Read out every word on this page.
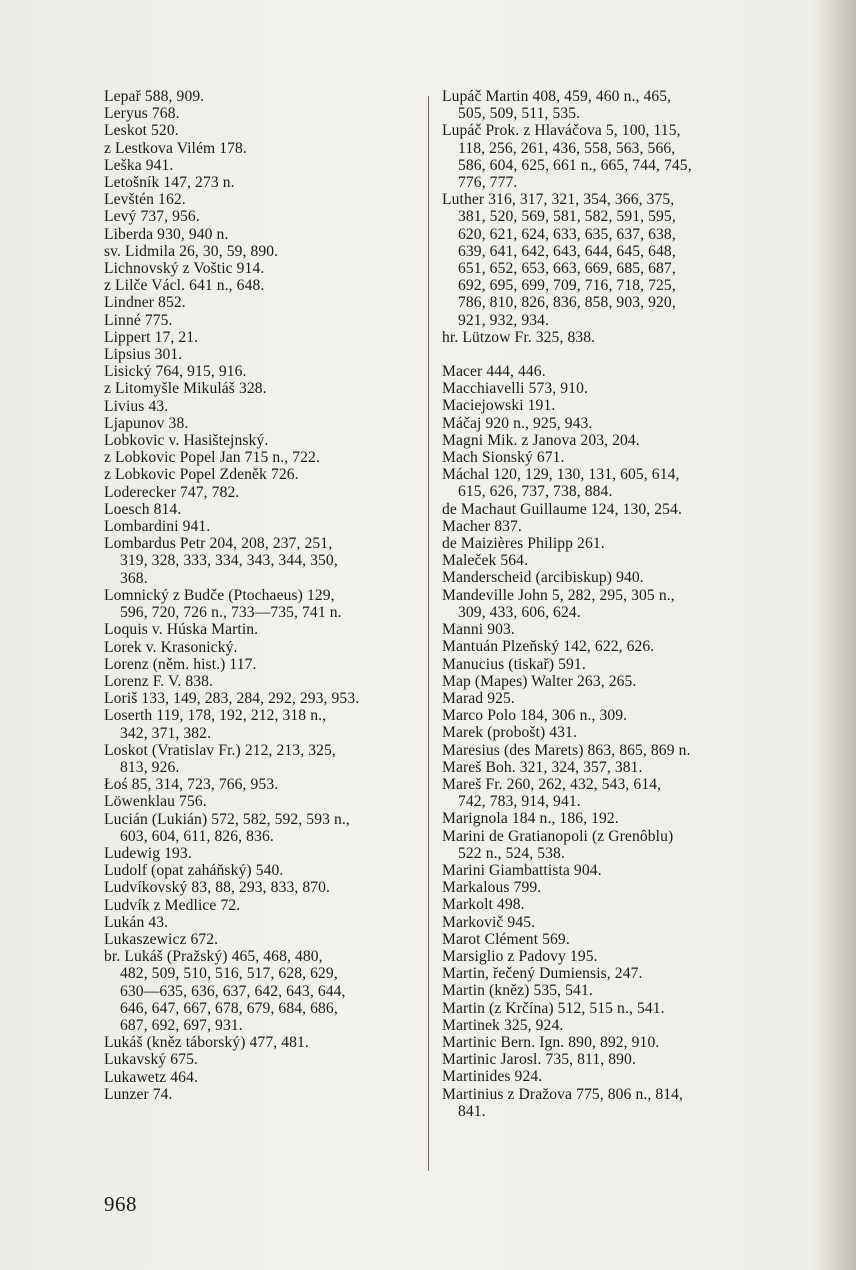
Lepař 588, 909.
Leryus 768.
Leskot 520.
z Lestkova Vilém 178.
Leška 941.
Letošník 147, 273 n.
Levštén 162.
Levý 737, 956.
Liberda 930, 940 n.
sv. Lidmila 26, 30, 59, 890.
Lichnovský z Voštic 914.
z Lilče Václ. 641 n., 648.
Lindner 852.
Linné 775.
Lippert 17, 21.
Lipsius 301.
Lisický 764, 915, 916.
z Litomyšle Mikuláš 328.
Livius 43.
Ljapunov 38.
Lobkovic v. Hasištejnský.
z Lobkovic Popel Jan 715 n., 722.
z Lobkovic Popel Zdeněk 726.
Loderecker 747, 782.
Loesch 814.
Lombardini 941.
Lombardus Petr 204, 208, 237, 251,
319, 328, 333, 334, 343, 344, 350,
368.
Lomnický z Budče (Ptochaeus) 129,
596, 720, 726 n., 733—735, 741 n.
Loquis v. Húska Martin.
Lorek v. Krasonický.
Lorenz (něm. hist.) 117.
Lorenz F. V. 838.
Loriš 133, 149, 283, 284, 292, 293, 953.
Loserth 119, 178, 192, 212, 318 n.,
342, 371, 382.
Loskot (Vratislav Fr.) 212, 213, 325,
813, 926.
Łoś 85, 314, 723, 766, 953.
Löwenklau 756.
Lucián (Lukián) 572, 582, 592, 593 n.,
603, 604, 611, 826, 836.
Ludewig 193.
Ludolf (opat zaháňský) 540.
Ludvíkovský 83, 88, 293, 833, 870.
Ludvík z Medlice 72.
Lukán 43.
Lukaszewicz 672.
br. Lukáš (Pražský) 465, 468, 480,
482, 509, 510, 516, 517, 628, 629,
630—635, 636, 637, 642, 643, 644,
646, 647, 667, 678, 679, 684, 686,
687, 692, 697, 931.
Lukáš (kněz táborský) 477, 481.
Lukavský 675.
Lukawetz 464.
Lunzer 74.
Lupáč Martin 408, 459, 460 n., 465,
505, 509, 511, 535.
Lupáč Prok. z Hlaváčova 5, 100, 115,
118, 256, 261, 436, 558, 563, 566,
586, 604, 625, 661 n., 665, 744, 745,
776, 777.
Luther 316, 317, 321, 354, 366, 375,
381, 520, 569, 581, 582, 591, 595,
620, 621, 624, 633, 635, 637, 638,
639, 641, 642, 643, 644, 645, 648,
651, 652, 653, 663, 669, 685, 687,
692, 695, 699, 709, 716, 718, 725,
786, 810, 826, 836, 858, 903, 920,
921, 932, 934.
hr. Lützow Fr. 325, 838.
Macer 444, 446.
Macchiavelli 573, 910.
Maciejowski 191.
Máčaj 920 n., 925, 943.
Magni Mik. z Janova 203, 204.
Mach Sionský 671.
Máchal 120, 129, 130, 131, 605, 614,
615, 626, 737, 738, 884.
de Machaut Guillaume 124, 130, 254.
Macher 837.
de Maizières Philipp 261.
Maleček 564.
Manderscheid (arcibiskup) 940.
Mandeville John 5, 282, 295, 305 n.,
309, 433, 606, 624.
Manni 903.
Mantuán Plzeňský 142, 622, 626.
Manucius (tiskař) 591.
Map (Mapes) Walter 263, 265.
Marad 925.
Marco Polo 184, 306 n., 309.
Marek (probošt) 431.
Maresius (des Marets) 863, 865, 869 n.
Mareš Boh. 321, 324, 357, 381.
Mareš Fr. 260, 262, 432, 543, 614,
742, 783, 914, 941.
Marignola 184 n., 186, 192.
Marini de Gratianopoli (z Grenôblu)
522 n., 524, 538.
Marini Giambattista 904.
Markalous 799.
Markolt 498.
Markovič 945.
Marot Clément 569.
Marsiglio z Padovy 195.
Martin, řečený Dumiensis, 247.
Martin (kněz) 535, 541.
Martin (z Krčína) 512, 515 n., 541.
Martinek 325, 924.
Martinic Bern. Ign. 890, 892, 910.
Martinic Jarosl. 735, 811, 890.
Martinides 924.
Martinius z Dražova 775, 806 n., 814,
841.
968
